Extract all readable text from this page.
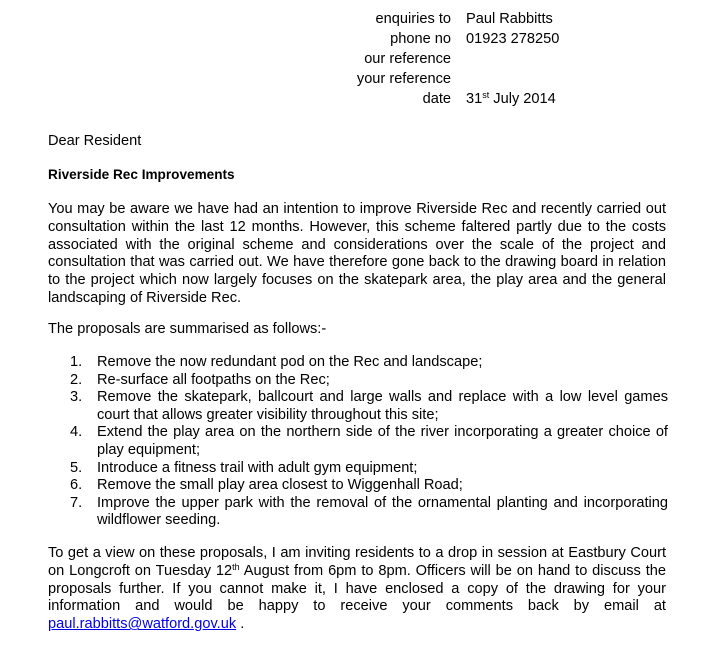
enquiries to Paul Rabbitts
phone no 01923 278250
our reference
your reference
date 31st July 2014
Dear Resident
Riverside Rec Improvements
You may be aware we have had an intention to improve Riverside Rec and recently carried out consultation within the last 12 months. However, this scheme faltered partly due to the costs associated with the original scheme and considerations over the scale of the project and consultation that was carried out. We have therefore gone back to the drawing board in relation to the project which now largely focuses on the skatepark area, the play area and the general landscaping of Riverside Rec.
The proposals are summarised as follows:-
1. Remove the now redundant pod on the Rec and landscape;
2. Re-surface all footpaths on the Rec;
3. Remove the skatepark, ballcourt and large walls and replace with a low level games court that allows greater visibility throughout this site;
4. Extend the play area on the northern side of the river incorporating a greater choice of play equipment;
5. Introduce a fitness trail with adult gym equipment;
6. Remove the small play area closest to Wiggenhall Road;
7. Improve the upper park with the removal of the ornamental planting and incorporating wildflower seeding.
To get a view on these proposals, I am inviting residents to a drop in session at Eastbury Court on Longcroft on Tuesday 12th August from 6pm to 8pm. Officers will be on hand to discuss the proposals further. If you cannot make it, I have enclosed a copy of the drawing for your information and would be happy to receive your comments back by email at paul.rabbitts@watford.gov.uk .
